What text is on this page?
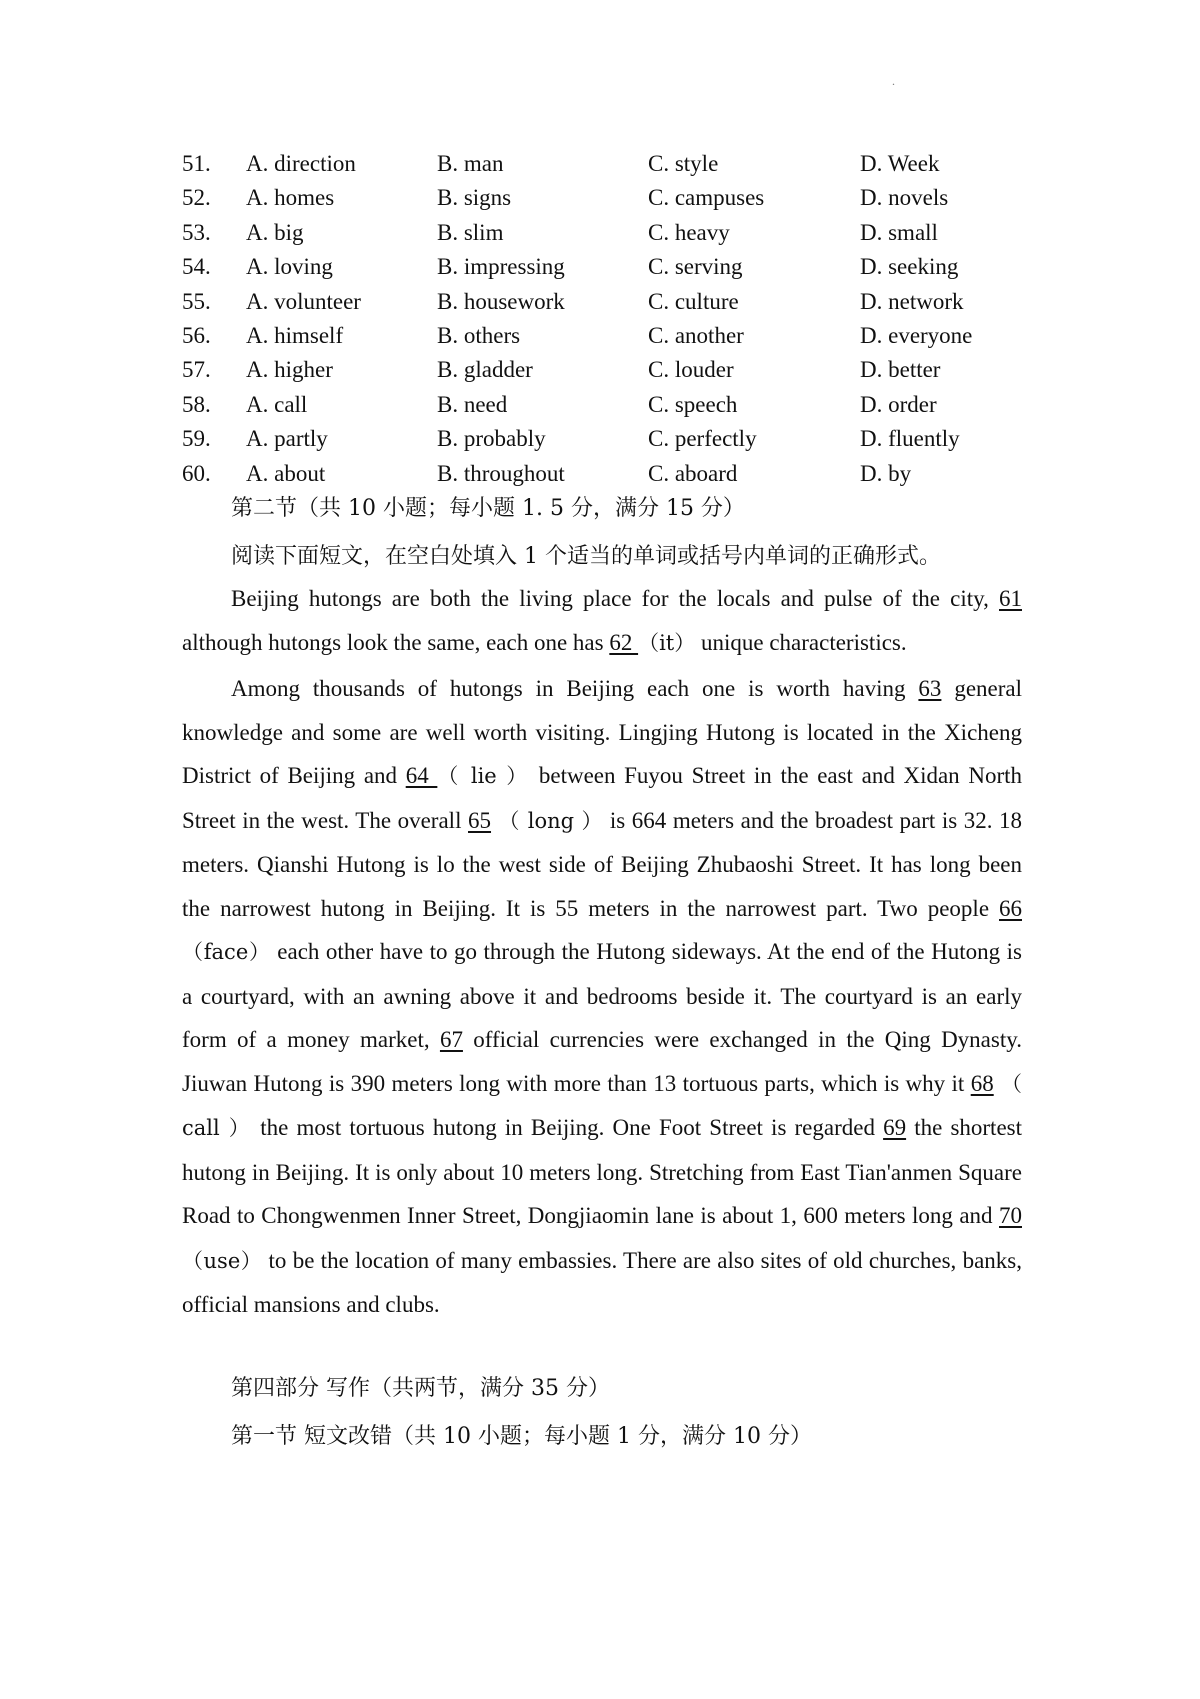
.
51. A. direction	B. man	C. style	D. Week
52. A. homes	B. signs	C. campuses	D. novels
53. A. big	B. slim	C. heavy	D. small
54. A. loving	B. impressing	C. serving	D. seeking
55. A. volunteer	B. housework	C. culture	D. network
56. A. himself	B. others	C. another	D. everyone
57. A. higher	B. gladder	C. louder	D. better
58. A. call	B. need	C. speech	D. order
59. A. partly	B. probably	C. perfectly	D. fluently
60. A. about	B. throughout	C. aboard	D. by
第二节（共 10 小题；每小题 1. 5 分，满分 15 分）
阅读下面短文，在空白处填入 1 个适当的单词或括号内单词的正确形式。

Beijing hutongs are both the living place for the locals and pulse of the city, 61 although hutongs look the same, each one has 62 （it） unique characteristics.

Among thousands of hutongs in Beijing each one is worth having 63 general knowledge and some are well worth visiting. Lingjing Hutong is located in the Xicheng District of Beijing and 64 （ lie ） between Fuyou Street in the east and Xidan North Street in the west. The overall 65 （ long ） is 664 meters and the broadest part is 32. 18 meters. Qianshi Hutong is lo the west side of Beijing Zhubaoshi Street. It has long been the narrowest hutong in Beijing. It is 55 meters in the narrowest part. Two people 66 （face） each other have to go through the Hutong sideways. At the end of the Hutong is a courtyard, with an awning above it and bedrooms beside it. The courtyard is an early form of a money market, 67 official currencies were exchanged in the Qing Dynasty. Jiuwan Hutong is 390 meters long with more than 13 tortuous parts, which is why it 68 （ call ） the most tortuous hutong in Beijing. One Foot Street is regarded 69 the shortest hutong in Beijing. It is only about 10 meters long. Stretching from East Tian'anmen Square Road to Chongwenmen Inner Street, Dongjiaomin lane is about 1, 600 meters long and 70 （use） to be the location of many embassies. There are also sites of old churches, banks, official mansions and clubs.

第四部分 写作（共两节，满分 35 分）
第一节 短文改错（共 10 小题；每小题 1 分，满分 10 分）
